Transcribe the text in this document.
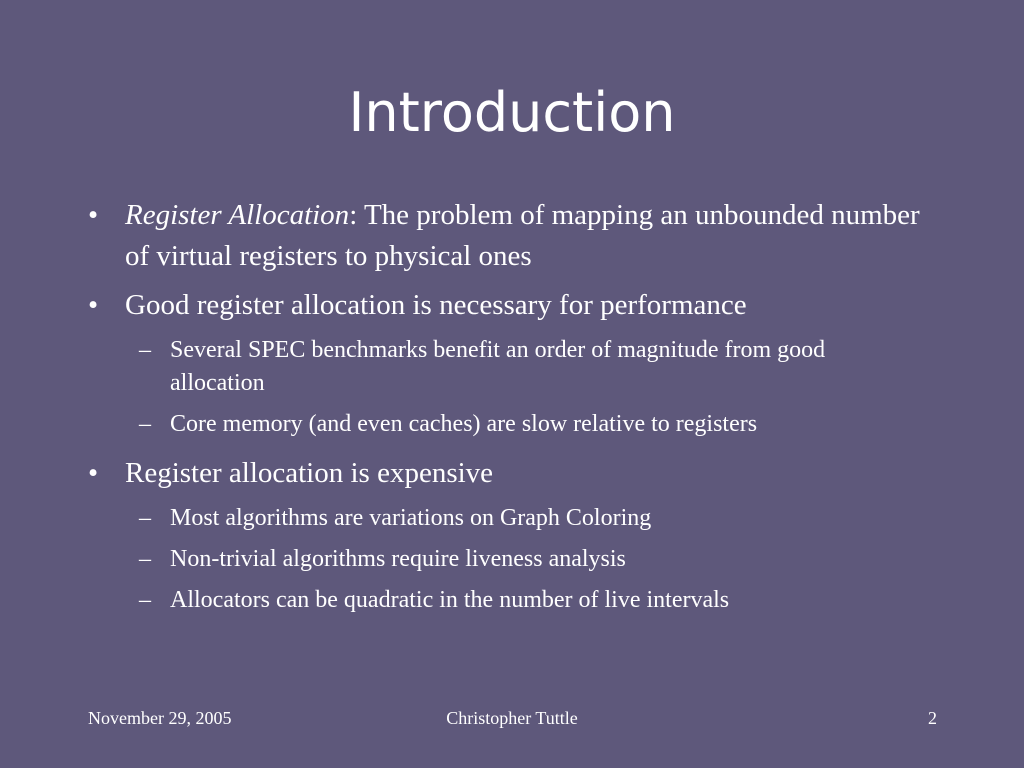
Introduction
• Register Allocation: The problem of mapping an unbounded number of virtual registers to physical ones
• Good register allocation is necessary for performance
– Several SPEC benchmarks benefit an order of magnitude from good allocation
– Core memory (and even caches) are slow relative to registers
• Register allocation is expensive
– Most algorithms are variations on Graph Coloring
– Non-trivial algorithms require liveness analysis
– Allocators can be quadratic in the number of live intervals
November 29, 2005	Christopher Tuttle	2
